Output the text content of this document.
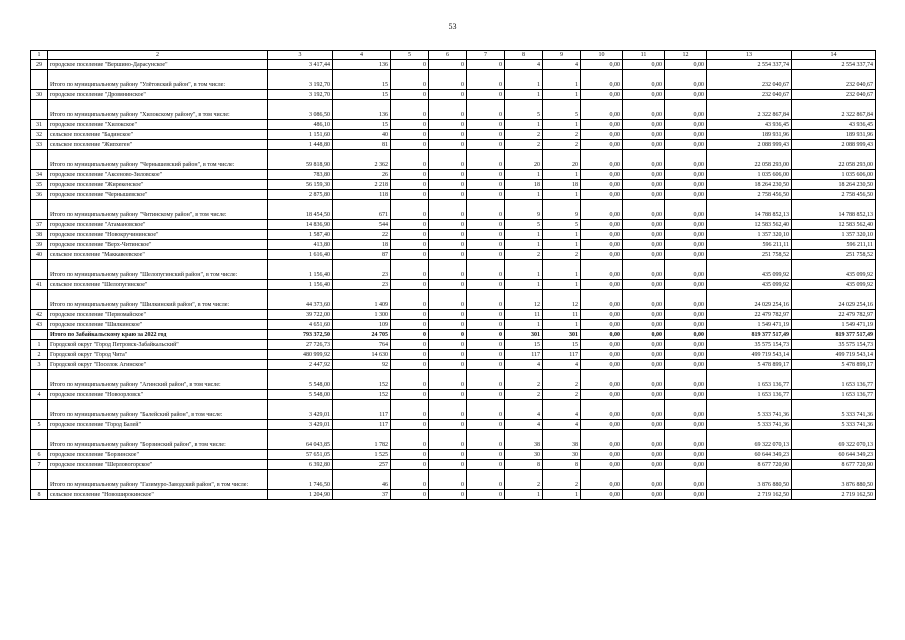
53
1	2	3	4	5	6	7	8	9	10	11	12	13	14
29	городское поселение "Вершино-Дарасунское"	3 417,44	136	0	0	0	4	4	0,00	0,00	0,00	2 554 337,74	2 554 337,74
	Итого по муниципальному району "Улётовский район", в том числе:	3 192,70	15	0	0	0	1	1	0,00	0,00	0,00	232 040,67	232 040,67
30	городское поселение "Дровянинское"	3 192,70	15	0	0	0	1	1	0,00	0,00	0,00	232 040,67	232 040,67
	Итого по муниципальному району "Хилокскому району", в том числе:	3 086,50	136	0	0	0	5	5	0,00	0,00	0,00	2 322 867,84	2 322 867,84
31	городское поселение "Хилокское"	486,10	15	0	0	0	1	1	0,00	0,00	0,00	43 936,45	43 936,45
32	сельское поселение "Бадинское"	1 151,60	40	0	0	0	2	2	0,00	0,00	0,00	189 931,96	189 931,96
33	сельское поселение "Жипхеген"	1 448,80	81	0	0	0	2	2	0,00	0,00	0,00	2 088 999,43	2 088 999,43
	Итого по муниципальному району "Чернышевский район", в том числе:	59 818,90	2 362	0	0	0	20	20	0,00	0,00	0,00	22 058 293,00	22 058 293,00
34	городское поселение "Аксеново-Зиловское"	783,80	26	0	0	0	1	1	0,00	0,00	0,00	1 035 606,00	1 035 606,00
35	городское поселение "Жирекенское"	56 159,30	2 218	0	0	0	18	18	0,00	0,00	0,00	18 264 230,50	18 264 230,50
36	городское поселение "Чернышевское"	2 875,80	118	0	0	0	1	1	0,00	0,00	0,00	2 758 456,50	2 758 456,50
	Итого по муниципальному району "Читинскому район", в том числе:	18 454,50	671	0	0	0	9	9	0,00	0,00	0,00	14 788 852,13	14 788 852,13
37	городское поселение "Атамановское"	14 836,90	544	0	0	0	5	5	0,00	0,00	0,00	12 583 562,40	12 583 562,40
38	городское поселение "Новокручининское"	1 587,40	22	0	0	0	1	1	0,00	0,00	0,00	1 357 320,10	1 357 320,10
39	городское поселение "Верх-Читинское"	413,80	18	0	0	0	1	1	0,00	0,00	0,00	596 211,11	596 211,11
40	сельское поселение "Маккавеевское"	1 616,40	87	0	0	0	2	2	0,00	0,00	0,00	251 758,52	251 758,52
	Итого по муниципальному району "Шелопугинский район", в том числе:	1 156,40	23	0	0	0	1	1	0,00	0,00	0,00	435 099,92	435 099,92
41	сельское поселение "Шелопугинское"	1 156,40	23	0	0	0	1	1	0,00	0,00	0,00	435 099,92	435 099,92
	Итого по муниципальному району "Шилкинский район", в том числе:	44 373,60	1 409	0	0	0	12	12	0,00	0,00	0,00	24 029 254,16	24 029 254,16
42	городское поселение "Первомайское"	39 722,00	1 300	0	0	0	11	11	0,00	0,00	0,00	22 479 782,97	22 479 782,97
43	городское поселение "Шилкинское"	4 651,60	109	0	0	0	1	1	0,00	0,00	0,00	1 549 471,19	1 549 471,19
	Итого по Забайкальскому краю за 2022 год	793 372,50	24 705	0	0	0	301	301	0,00	0,00	0,00	819 377 517,49	819 377 517,49
1	Городской округ "Город Петровск-Забайкальский"	27 726,73	764	0	0	0	15	15	0,00	0,00	0,00	35 575 154,73	35 575 154,73
2	Городской округ "Город Чита"	480 999,92	14 630	0	0	0	117	117	0,00	0,00	0,00	499 719 543,14	499 719 543,14
3	Городской округ "Поселок Агинское"	2 447,92	92	0	0	0	4	4	0,00	0,00	0,00	5 478 899,17	5 478 899,17
	Итого по муниципальному району "Агинский район", в том числе:	5 548,00	152	0	0	0	2	2	0,00	0,00	0,00	1 653 136,77	1 653 136,77
4	городское поселение "Новоорловск"	5 548,00	152	0	0	0	2	2	0,00	0,00	0,00	1 653 136,77	1 653 136,77
	Итого по муниципальному району "Балейский район", в том числе:	3 429,01	117	0	0	0	4	4	0,00	0,00	0,00	5 333 741,36	5 333 741,36
5	городское поселение "Город Балей"	3 429,01	117	0	0	0	4	4	0,00	0,00	0,00	5 333 741,36	5 333 741,36
	Итого по муниципальному району "Борзинский район", в том числе:	64 043,85	1 782	0	0	0	38	38	0,00	0,00	0,00	69 322 070,13	69 322 070,13
6	городское поселение "Борзинское"	57 651,05	1 525	0	0	0	30	30	0,00	0,00	0,00	60 644 349,23	60 644 349,23
7	городское поселение "Шерловогорское"	6 392,80	257	0	0	0	8	8	0,00	0,00	0,00	8 677 720,90	8 677 720,90
	Итого по муниципальному району "Газимуро-Заводский район", в том числе:	1 746,50	46	0	0	0	2	2	0,00	0,00	0,00	3 876 880,50	3 876 880,50
8	сельское поселение "Новоширокинское"	1 204,90	37	0	0	0	1	1	0,00	0,00	0,00	2 719 162,50	2 719 162,50
